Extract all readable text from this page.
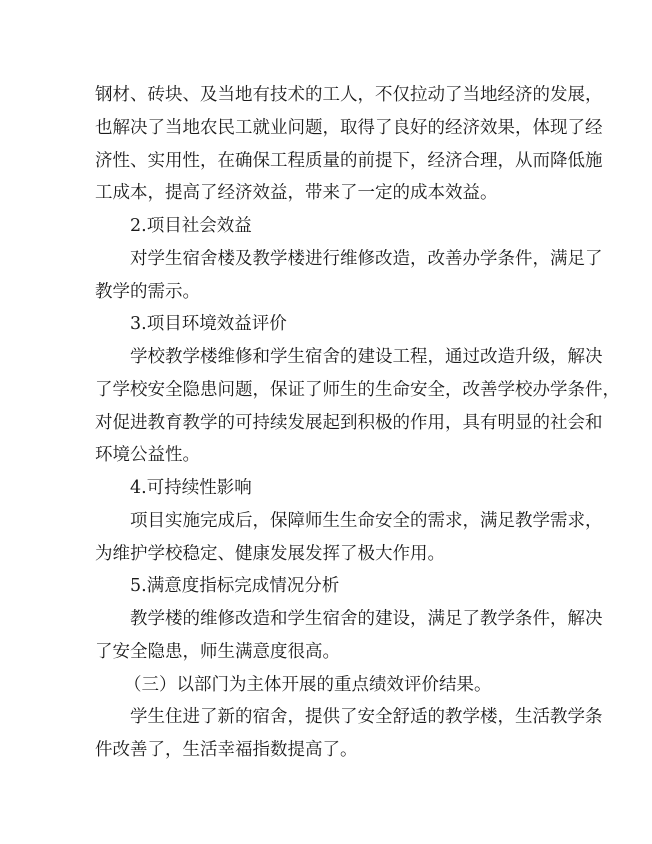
钢材、砖块、及当地有技术的工人，不仅拉动了当地经济的发展，
也解决了当地农民工就业问题，取得了良好的经济效果，体现了经
济性、实用性，在确保工程质量的前提下，经济合理，从而降低施
工成本，提高了经济效益，带来了一定的成本效益。
2.项目社会效益
对学生宿舍楼及教学楼进行维修改造，改善办学条件，满足了
教学的需示。
3.项目环境效益评价
学校教学楼维修和学生宿舍的建设工程，通过改造升级，解决
了学校安全隐患问题，保证了师生的生命安全，改善学校办学条件，
对促进教育教学的可持续发展起到积极的作用，具有明显的社会和
环境公益性。
4.可持续性影响
项目实施完成后，保障师生生命安全的需求，满足教学需求，
为维护学校稳定、健康发展发挥了极大作用。
5.满意度指标完成情况分析
教学楼的维修改造和学生宿舍的建设，满足了教学条件，解决
了安全隐患，师生满意度很高。
（三）以部门为主体开展的重点绩效评价结果。
学生住进了新的宿舍，提供了安全舒适的教学楼，生活教学条
件改善了，生活幸福指数提高了。
